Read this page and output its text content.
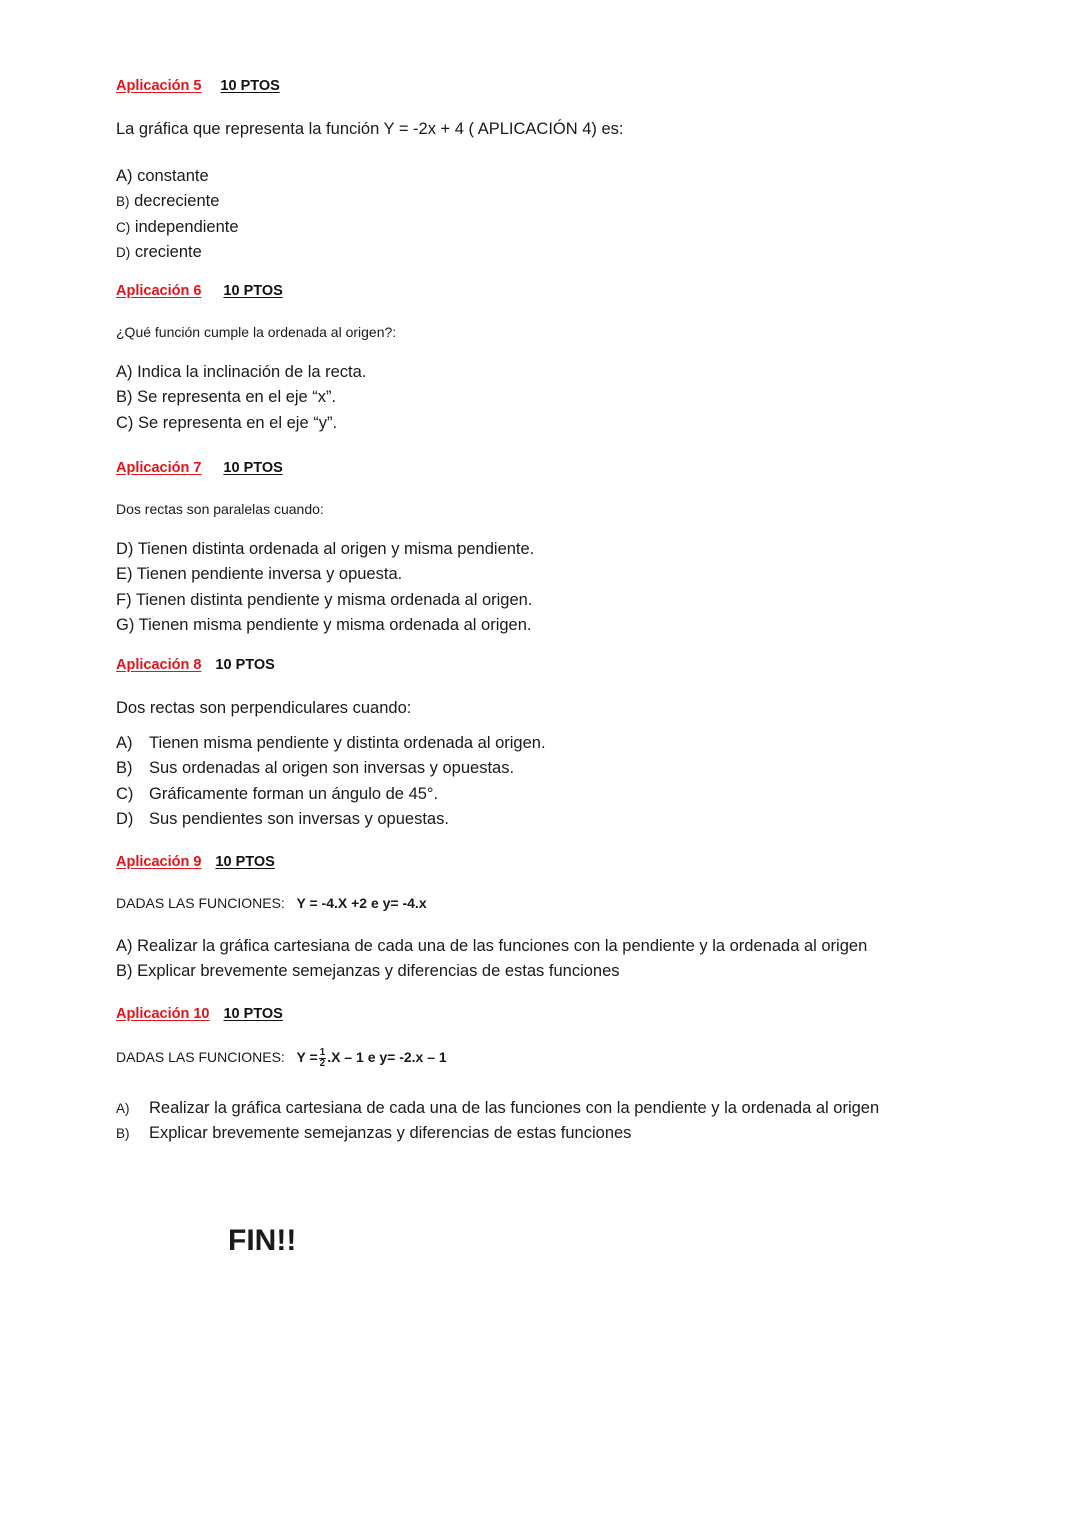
Aplicación 5 10 PTOS
La gráfica que representa la función Y = -2x + 4 ( APLICACIÓN 4) es:
A) constante
B) decreciente
C) independiente
D) creciente
Aplicación 6 10 PTOS
¿Qué función cumple la ordenada al origen?:
A) Indica la inclinación de la recta.
B) Se representa en el eje “x”.
C) Se representa en el eje “y”.
Aplicación 7 10 PTOS
Dos rectas son paralelas cuando:
D) Tienen distinta ordenada al origen y misma pendiente.
E) Tienen pendiente inversa y opuesta.
F) Tienen distinta pendiente y misma ordenada al origen.
G) Tienen misma pendiente y misma ordenada al origen.
Aplicación 8 10 PTOS
Dos rectas son perpendiculares cuando:
A) Tienen misma pendiente y distinta ordenada al origen.
B) Sus ordenadas al origen son inversas y opuestas.
C) Gráficamente forman un ángulo de 45°.
D) Sus pendientes son inversas y opuestas.
Aplicación 9 10 PTOS
DADAS LAS FUNCIONES: Y = -4.X +2 e y= -4.x
A) Realizar la gráfica cartesiana de cada una de las funciones con la pendiente y la ordenada al origen
B) Explicar brevemente semejanzas y diferencias de estas funciones
Aplicación 10 10 PTOS
DADAS LAS FUNCIONES: $Y = \frac{1}{2} .X - 1$ e y= -2.x – 1
A) Realizar la gráfica cartesiana de cada una de las funciones con la pendiente y la ordenada al origen
B) Explicar brevemente semejanzas y diferencias de estas funciones
FIN!!
